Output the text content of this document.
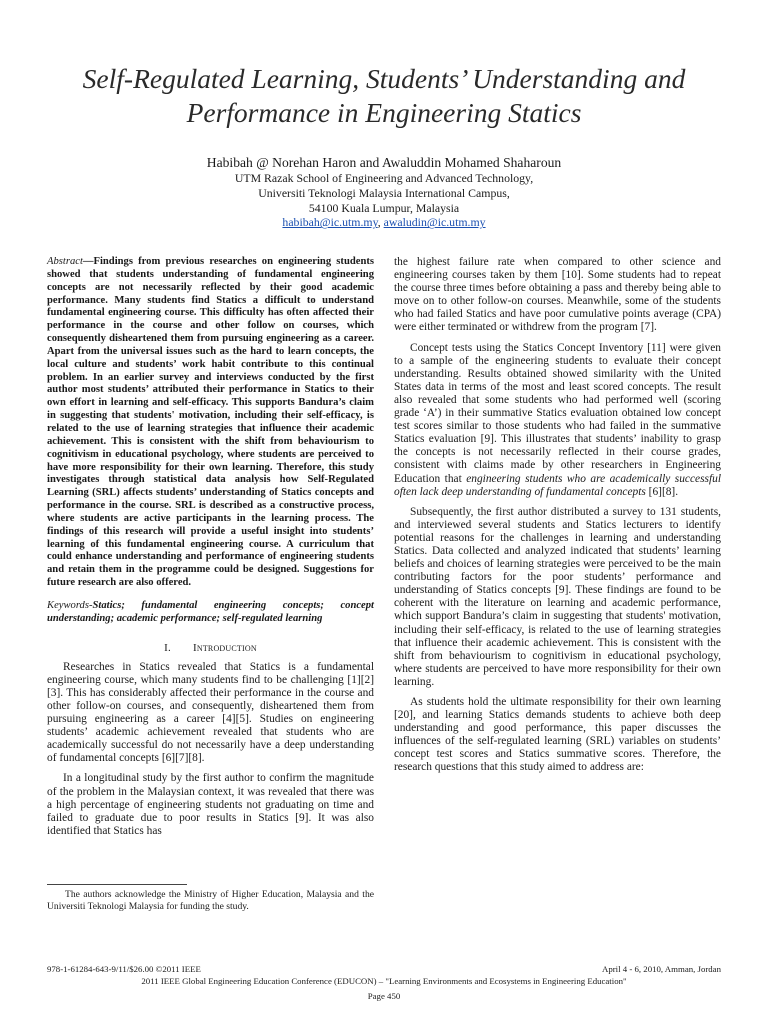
Self-Regulated Learning, Students’ Understanding and Performance in Engineering Statics
Habibah @ Norehan Haron and Awaluddin Mohamed Shaharoun
UTM Razak School of Engineering and Advanced Technology,
Universiti Teknologi Malaysia International Campus,
54100 Kuala Lumpur, Malaysia
habibah@ic.utm.my, awaludin@ic.utm.my

Abstract—Findings from previous researches on engineering students showed that students understanding of fundamental engineering concepts are not necessarily reflected by their good academic performance. Many students find Statics a difficult to understand fundamental engineering course. This difficulty has often affected their performance in the course and other follow on courses, which consequently disheartened them from pursuing engineering as a career. Apart from the universal issues such as the hard to learn concepts, the local culture and students’ work habit contribute to this continual problem. In an earlier survey and interviews conducted by the first author most students’ attributed their performance in Statics to their own effort in learning and self-efficacy. This supports Bandura’s claim in suggesting that students' motivation, including their self-efficacy, is related to the use of learning strategies that influence their academic achievement. This is consistent with the shift from behaviourism to cognitivism in educational psychology, where students are perceived to have more responsibility for their own learning. Therefore, this study investigates through statistical data analysis how Self-Regulated Learning (SRL) affects students’ understanding of Statics concepts and performance in the course. SRL is described as a constructive process, where students are active participants in the learning process. The findings of this research will provide a useful insight into students’ learning of this fundamental engineering course. A curriculum that could enhance understanding and performance of engineering students and retain them in the programme could be designed. Suggestions for future research are also offered.

Keywords-Statics; fundamental engineering concepts; concept understanding; academic performance; self-regulated learning

I. Introduction

Researches in Statics revealed that Statics is a fundamental engineering course, which many students find to be challenging [1][2][3]. This has considerably affected their performance in the course and other follow-on courses, and consequently, disheartened them from pursuing engineering as a career [4][5]. Studies on engineering students’ academic achievement revealed that students who are academically successful do not necessarily have a deep understanding of fundamental concepts [6][7][8].

In a longitudinal study by the first author to confirm the magnitude of the problem in the Malaysian context, it was revealed that there was a high percentage of engineering students not graduating on time and failed to graduate due to poor results in Statics [9]. It was also identified that Statics has

the highest failure rate when compared to other science and engineering courses taken by them [10]. Some students had to repeat the course three times before obtaining a pass and thereby being able to move on to other follow-on courses. Meanwhile, some of the students who had failed Statics and have poor cumulative points average (CPA) were either terminated or withdrew from the program [7].

Concept tests using the Statics Concept Inventory [11] were given to a sample of the engineering students to evaluate their concept understanding. Results obtained showed similarity with the United States data in terms of the most and least scored concepts. The result also revealed that some students who had performed well (scoring grade ‘A’) in their summative Statics evaluation obtained low concept test scores similar to those students who had failed in the summative Statics evaluation [9]. This illustrates that students’ inability to grasp the concepts is not necessarily reflected in their course grades, consistent with claims made by other researchers in Engineering Education that engineering students who are academically successful often lack deep understanding of fundamental concepts [6][8].

Subsequently, the first author distributed a survey to 131 students, and interviewed several students and Statics lecturers to identify potential reasons for the challenges in learning and understanding Statics. Data collected and analyzed indicated that students’ learning beliefs and choices of learning strategies were perceived to be the main contributing factors for the poor students’ performance and understanding of Statics concepts [9]. These findings are found to be coherent with the literature on learning and academic performance, which support Bandura’s claim in suggesting that students' motivation, including their self-efficacy, is related to the use of learning strategies that influence their academic achievement. This is consistent with the shift from behaviourism to cognitivism in educational psychology, where students are perceived to have more responsibility for their own learning.

As students hold the ultimate responsibility for their own learning [20], and learning Statics demands students to achieve both deep understanding and good performance, this paper discusses the influences of the self-regulated learning (SRL) variables on students’ concept test scores and Statics summative scores. Therefore, the research questions that this study aimed to address are:

The authors acknowledge the Ministry of Higher Education, Malaysia and the Universiti Teknologi Malaysia for funding the study.
978-1-61284-643-9/11/$26.00 ©2011 IEEE	April 4 - 6, 2010, Amman, Jordan
2011 IEEE Global Engineering Education Conference (EDUCON) – "Learning Environments and Ecosystems in Engineering Education"
Page 450
